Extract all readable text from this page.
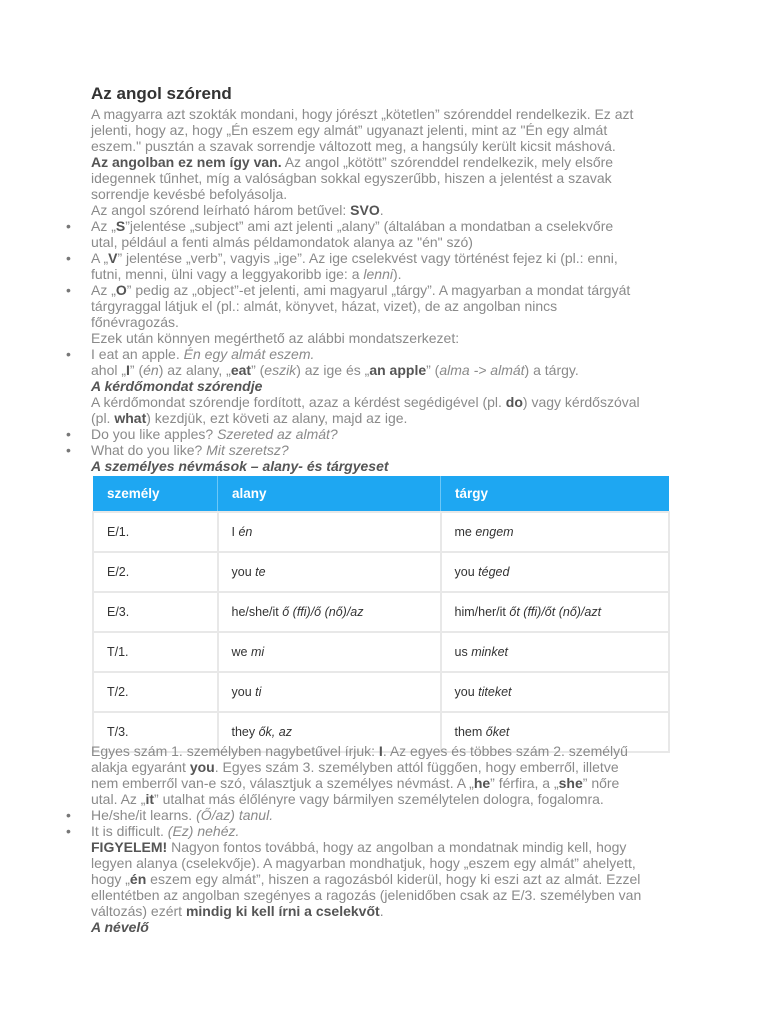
Az angol szórend
A magyarra azt szokták mondani, hogy jórészt „kötetlen” szórenddel rendelkezik. Ez azt
jelenti, hogy az, hogy „Én eszem egy almát” ugyanazt jelenti, mint az "Én egy almát
eszem." pusztán a szavak sorrendje változott meg, a hangsúly került kicsit máshová.
Az angolban ez nem így van. Az angol „kötött” szórenddel rendelkezik, mely elsőre
idegennek tűnhet, míg a valóságban sokkal egyszerűbb, hiszen a jelentést a szavak
sorrendje kevésbé befolyásolja.
Az angol szórend leírható három betűvel: SVO.
• Az „S”jelentése „subject” ami azt jelenti „alany” (általában a mondatban a cselekvőre
utal, például a fenti almás példamondatok alanya az "én" szó)
• A „V” jelentése „verb”, vagyis „ige”. Az ige cselekvést vagy történést fejez ki (pl.: enni,
futni, menni, ülni vagy a leggyakoribb ige: a lenni).
• Az „O” pedig az „object”-et jelenti, ami magyarul „tárgy”. A magyarban a mondat tárgyát
tárgyraggal látjuk el (pl.: almát, könyvet, házat, vizet), de az angolban nincs
főnévragozás.
Ezek után könnyen megérthető az alábbi mondatszerkezet:
• I eat an apple. Én egy almát eszem.
ahol „I” (én) az alany, „eat” (eszik) az ige és „an apple” (alma -> almát) a tárgy.
A kérdőmondat szórendje
A kérdőmondat szórendje fordított, azaz a kérdést segédigével (pl. do) vagy kérdőszóval
(pl. what) kezdjük, ezt követi az alany, majd az ige.
• Do you like apples? Szereted az almát?
• What do you like? Mit szeretsz?
A személyes névmások – alany- és tárgyeset
személy	alany	tárgy
E/1.	I én	me engem
E/2.	you te	you téged
E/3.	he/she/it ő (ffi)/ő (nő)/az	him/her/it őt (ffi)/őt (nő)/azt
T/1.	we mi	us minket
T/2.	you ti	you titeket
T/3.	they ők, az	them őket
Egyes szám 1. személyben nagybetűvel írjuk: I. Az egyes és többes szám 2. személyű
alakja egyaránt you. Egyes szám 3. személyben attól függően, hogy emberről, illetve
nem emberről van-e szó, választjuk a személyes névmást. A „he” férfira, a „she” nőre
utal. Az „it” utalhat más élőlényre vagy bármilyen személytelen dologra, fogalomra.
• He/she/it learns. (Ő/az) tanul.
• It is difficult. (Ez) nehéz.
FIGYELEM! Nagyon fontos továbbá, hogy az angolban a mondatnak mindig kell, hogy
legyen alanya (cselekvője). A magyarban mondhatjuk, hogy „eszem egy almát” ahelyett,
hogy „én eszem egy almát”, hiszen a ragozásból kiderül, hogy ki eszi azt az almát. Ezzel
ellentétben az angolban szegényes a ragozás (jelenidőben csak az E/3. személyben van
változás) ezért mindig ki kell írni a cselekvőt.
A névelő
